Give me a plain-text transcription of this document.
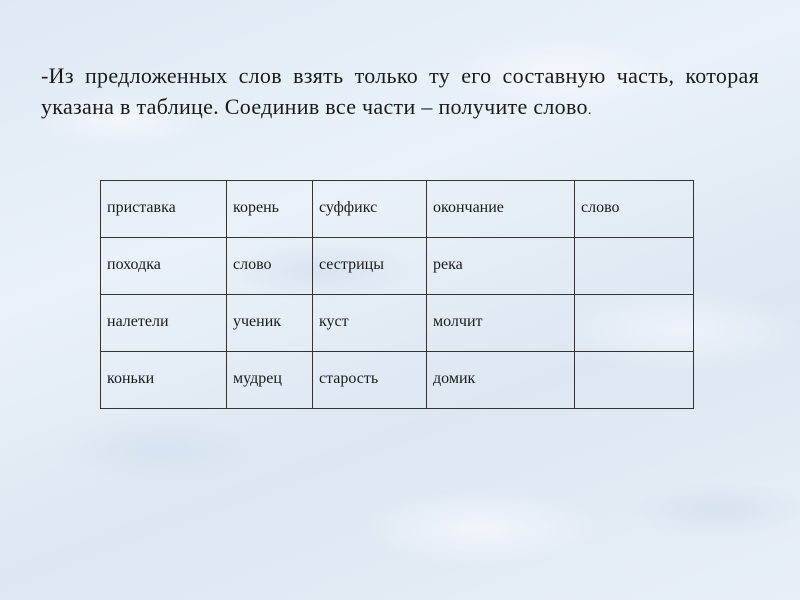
-Из предложенных слов взять только ту его составную часть, которая указана в таблице. Соединив все части – получите слово.

приставка	корень	суффикс	окончание	слово
походка	слово	сестрицы	река	
налетели	ученик	куст	молчит	
коньки	мудрец	старость	домик	
